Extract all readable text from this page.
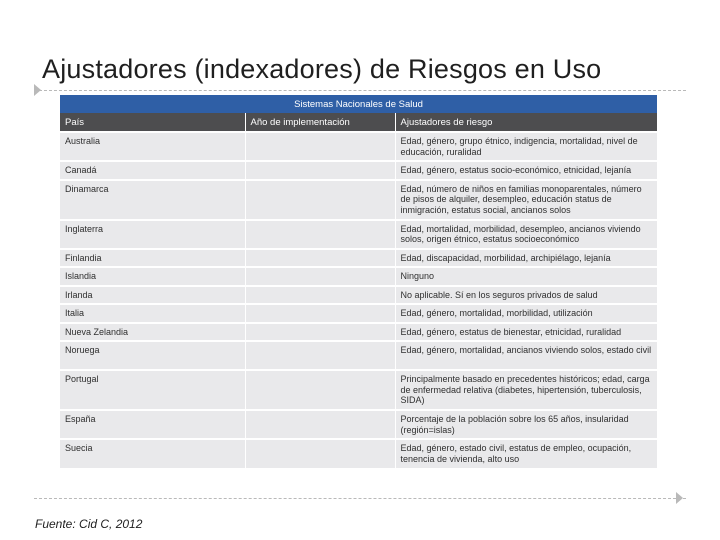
Ajustadores (indexadores) de Riesgos en Uso
Sistemas Nacionales de Salud		
País	Año de implementación	Ajustadores de riesgo
Australia		Edad, género, grupo étnico, indigencia, mortalidad, nivel de educación, ruralidad
Canadá		Edad, género, estatus socio-económico, etnicidad, lejanía
Dinamarca		Edad, número de niños en familias monoparentales, número de pisos de alquiler, desempleo, educación status de inmigración, estatus social, ancianos solos
Inglaterra		Edad, mortalidad, morbilidad, desempleo, ancianos viviendo solos, origen étnico, estatus socioeconómico
Finlandia		Edad, discapacidad, morbilidad, archipiélago, lejanía
Islandia		Ninguno
Irlanda		No aplicable. Sí en los seguros privados de salud
Italia		Edad, género, mortalidad, morbilidad, utilización
Nueva Zelandia		Edad, género, estatus de bienestar, etnicidad, ruralidad
Noruega		Edad, género, mortalidad, ancianos viviendo solos, estado civil
Portugal		Principalmente basado en precedentes históricos; edad, carga de enfermedad relativa (diabetes, hipertensión, tuberculosis, SIDA)
España		Porcentaje de la población sobre los 65 años, insularidad (región=islas)
Suecia		Edad, género, estado civil, estatus de empleo, ocupación, tenencia de vivienda, alto uso
Fuente: Cid C, 2012
